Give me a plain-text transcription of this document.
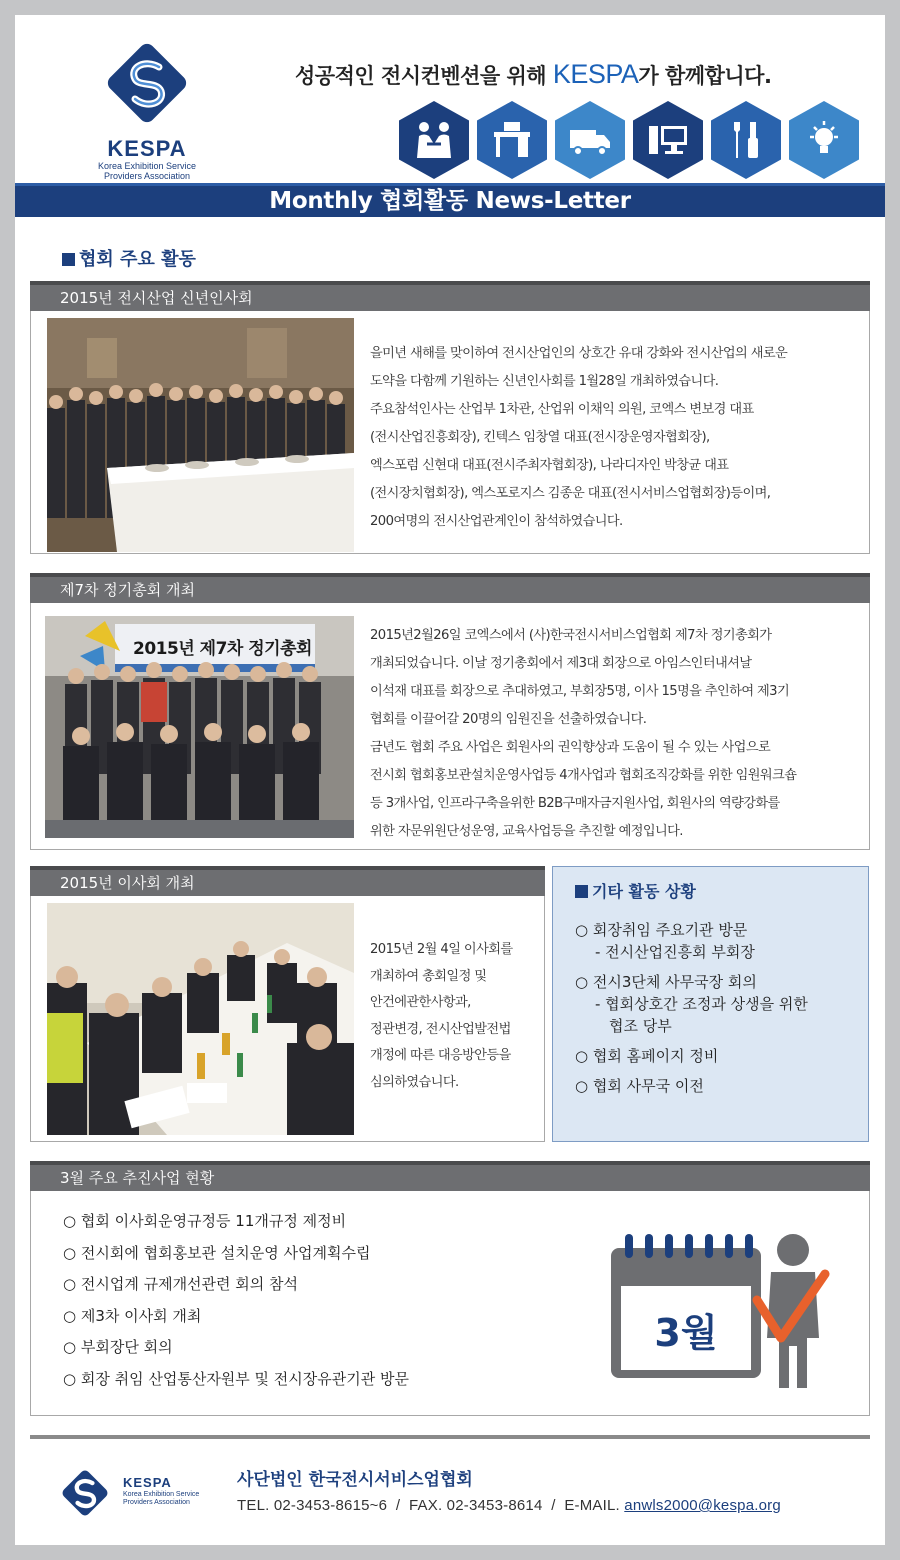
KESPA
Korea Exhibition Service
Providers Association
성공적인 전시컨벤션을 위해 KESPA가 함께합니다.
Monthly 협회활동 News-Letter
협회 주요 활동
2015년 전시산업 신년인사회
을미년 새해를 맞이하여 전시산업인의 상호간 유대 강화와 전시산업의 새로운
도약을 다함께 기원하는 신년인사회를 1월28일 개최하였습니다.
주요참석인사는 산업부 1차관, 산업위 이채익 의원, 코엑스 변보경 대표
(전시산업진흥회장), 킨텍스 임창열 대표(전시장운영자협회장),
엑스포럼 신현대 대표(전시주최자협회장), 나라디자인 박창균 대표
(전시장치협회장), 엑스포로지스 김종운 대표(전시서비스업협회장)등이며,
200여명의 전시산업관계인이 참석하였습니다.
제7차 정기총회 개최
2015년 제7차 정기총회
2015년2월26일 코엑스에서 (사)한국전시서비스업협회 제7차 정기총회가
개최되었습니다. 이날 정기총회에서 제3대 회장으로 아임스인터내셔날
이석재 대표를 회장으로 추대하였고, 부회장5명, 이사 15명을 추인하여 제3기
협회를 이끌어갈 20명의 임원진을 선출하였습니다.
금년도 협회 주요 사업은 회원사의 권익향상과 도움이 될 수 있는 사업으로
전시회 협회홍보관설치운영사업등 4개사업과 협회조직강화를 위한 임원워크숍
등 3개사업, 인프라구축을위한 B2B구매자금지원사업, 회원사의 역량강화를
위한 자문위원단성운영, 교육사업등을 추진할 예정입니다.
2015년 이사회 개최
2015년 2월 4일 이사회를
개최하여 총회일정 및
안건에관한사항과,
정관변경, 전시산업발전법
개정에 따른 대응방안등을
심의하였습니다.
기타 활동 상황
○ 회장취임 주요기관 방문
- 전시산업진흥회 부회장
○ 전시3단체 사무국장 회의
- 협회상호간 조정과 상생을 위한
협조 당부
○ 협회 홈페이지 정비
○ 협회 사무국 이전
3월 주요 추진사업 현황
○ 협회 이사회운영규정등 11개규정 제정비
○ 전시회에 협회홍보관 설치운영 사업계획수립
○ 전시업계 규제개선관련 회의 참석
○ 제3차 이사회 개최
○ 부회장단 회의
○ 회장 취임 산업통산자원부 및 전시장유관기관 방문
3월
KESPA
Korea Exhibition Service
Providers Association
사단법인 한국전시서비스업협회
TEL. 02-3453-8615~6  /  FAX. 02-3453-8614  /  E-MAIL. anwls2000@kespa.org
